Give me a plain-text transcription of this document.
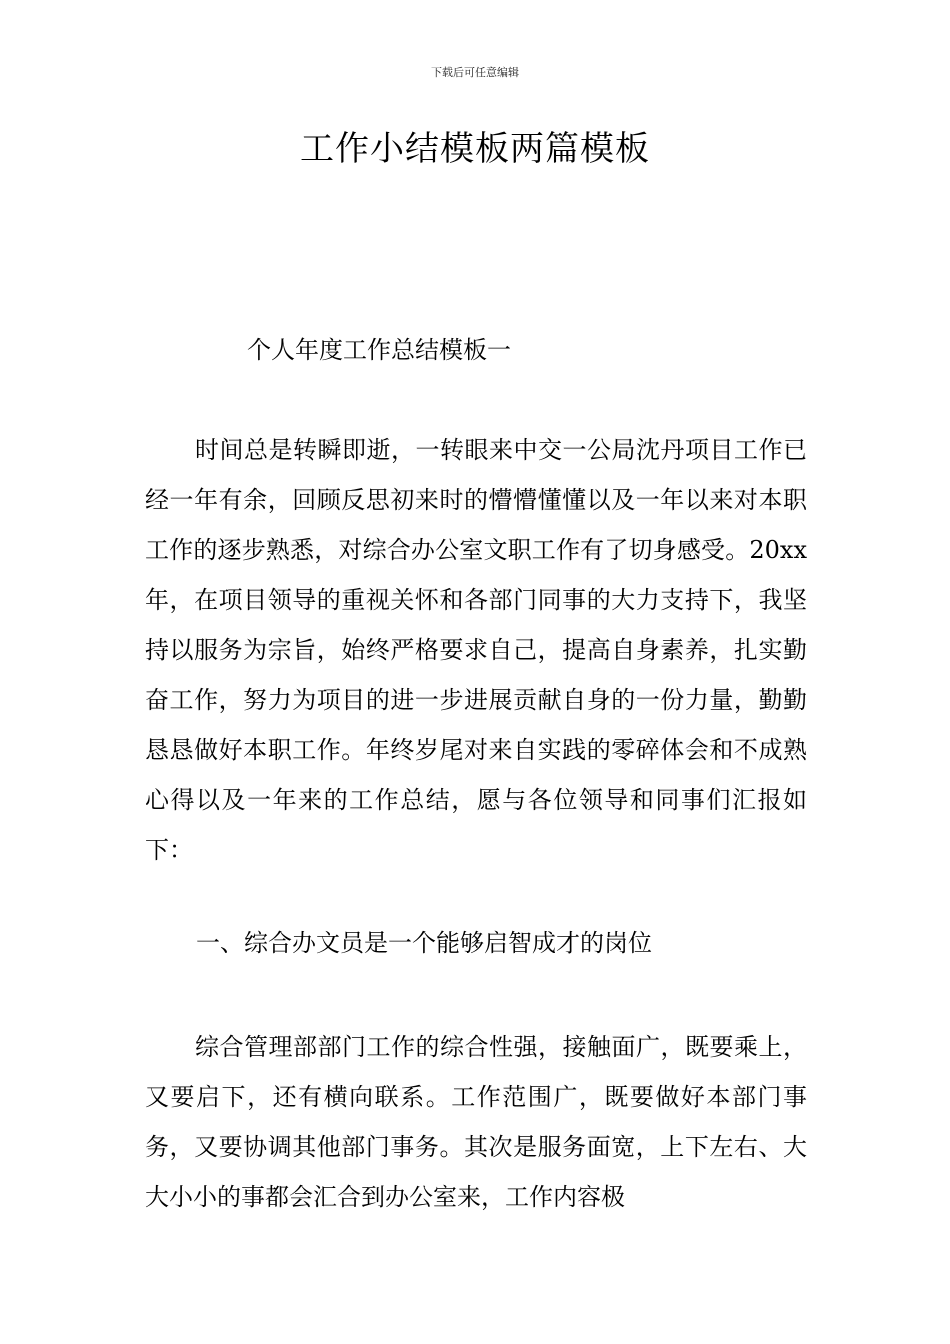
下载后可任意编辑
工作小结模板两篇模板
个人年度工作总结模板一
时间总是转瞬即逝，一转眼来中交一公局沈丹项目工作已经一年有余，回顾反思初来时的懵懵懂懂以及一年以来对本职工作的逐步熟悉，对综合办公室文职工作有了切身感受。20xx年，在项目领导的重视关怀和各部门同事的大力支持下，我坚持以服务为宗旨，始终严格要求自己，提高自身素养，扎实勤奋工作，努力为项目的进一步进展贡献自身的一份力量，勤勤恳恳做好本职工作。年终岁尾对来自实践的零碎体会和不成熟心得以及一年来的工作总结，愿与各位领导和同事们汇报如下：
一、综合办文员是一个能够启智成才的岗位
综合管理部部门工作的综合性强，接触面广，既要乘上，又要启下，还有横向联系。工作范围广，既要做好本部门事务，又要协调其他部门事务。其次是服务面宽，上下左右、大大小小的事都会汇合到办公室来，工作内容极
